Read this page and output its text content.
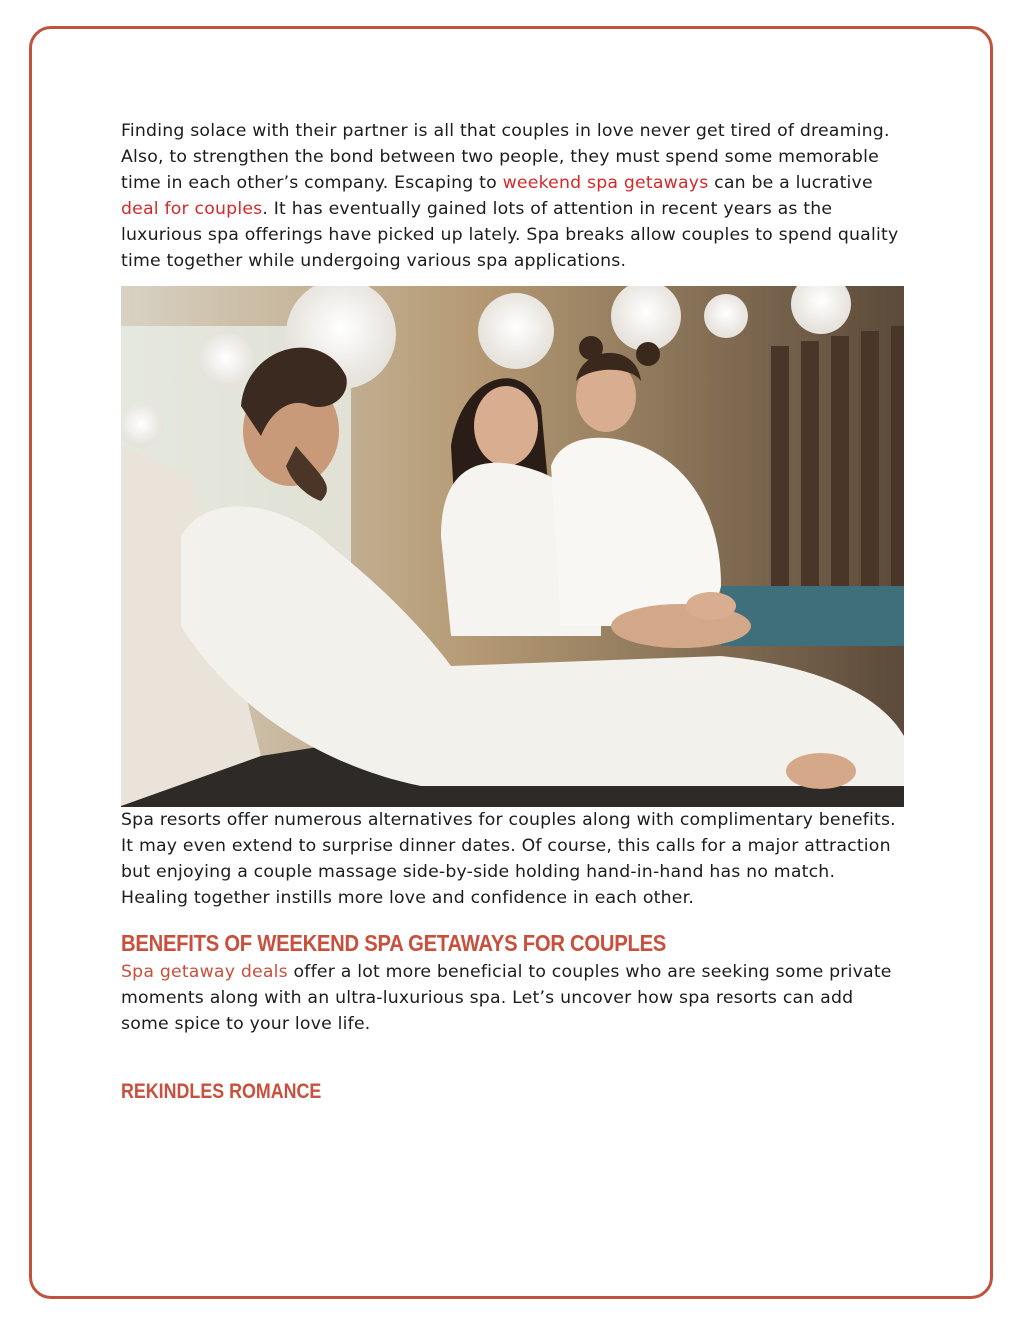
Finding solace with their partner is all that couples in love never get tired of dreaming. Also, to strengthen the bond between two people, they must spend some memorable time in each other’s company. Escaping to weekend spa getaways can be a lucrative deal for couples. It has eventually gained lots of attention in recent years as the luxurious spa offerings have picked up lately. Spa breaks allow couples to spend quality time together while undergoing various spa applications.

Spa resorts offer numerous alternatives for couples along with complimentary benefits. It may even extend to surprise dinner dates. Of course, this calls for a major attraction but enjoying a couple massage side-by-side holding hand-in-hand has no match. Healing together instills more love and confidence in each other.

BENEFITS OF WEEKEND SPA GETAWAYS FOR COUPLES

Spa getaway deals offer a lot more beneficial to couples who are seeking some private moments along with an ultra-luxurious spa. Let’s uncover how spa resorts can add some spice to your love life.

REKINDLES ROMANCE
